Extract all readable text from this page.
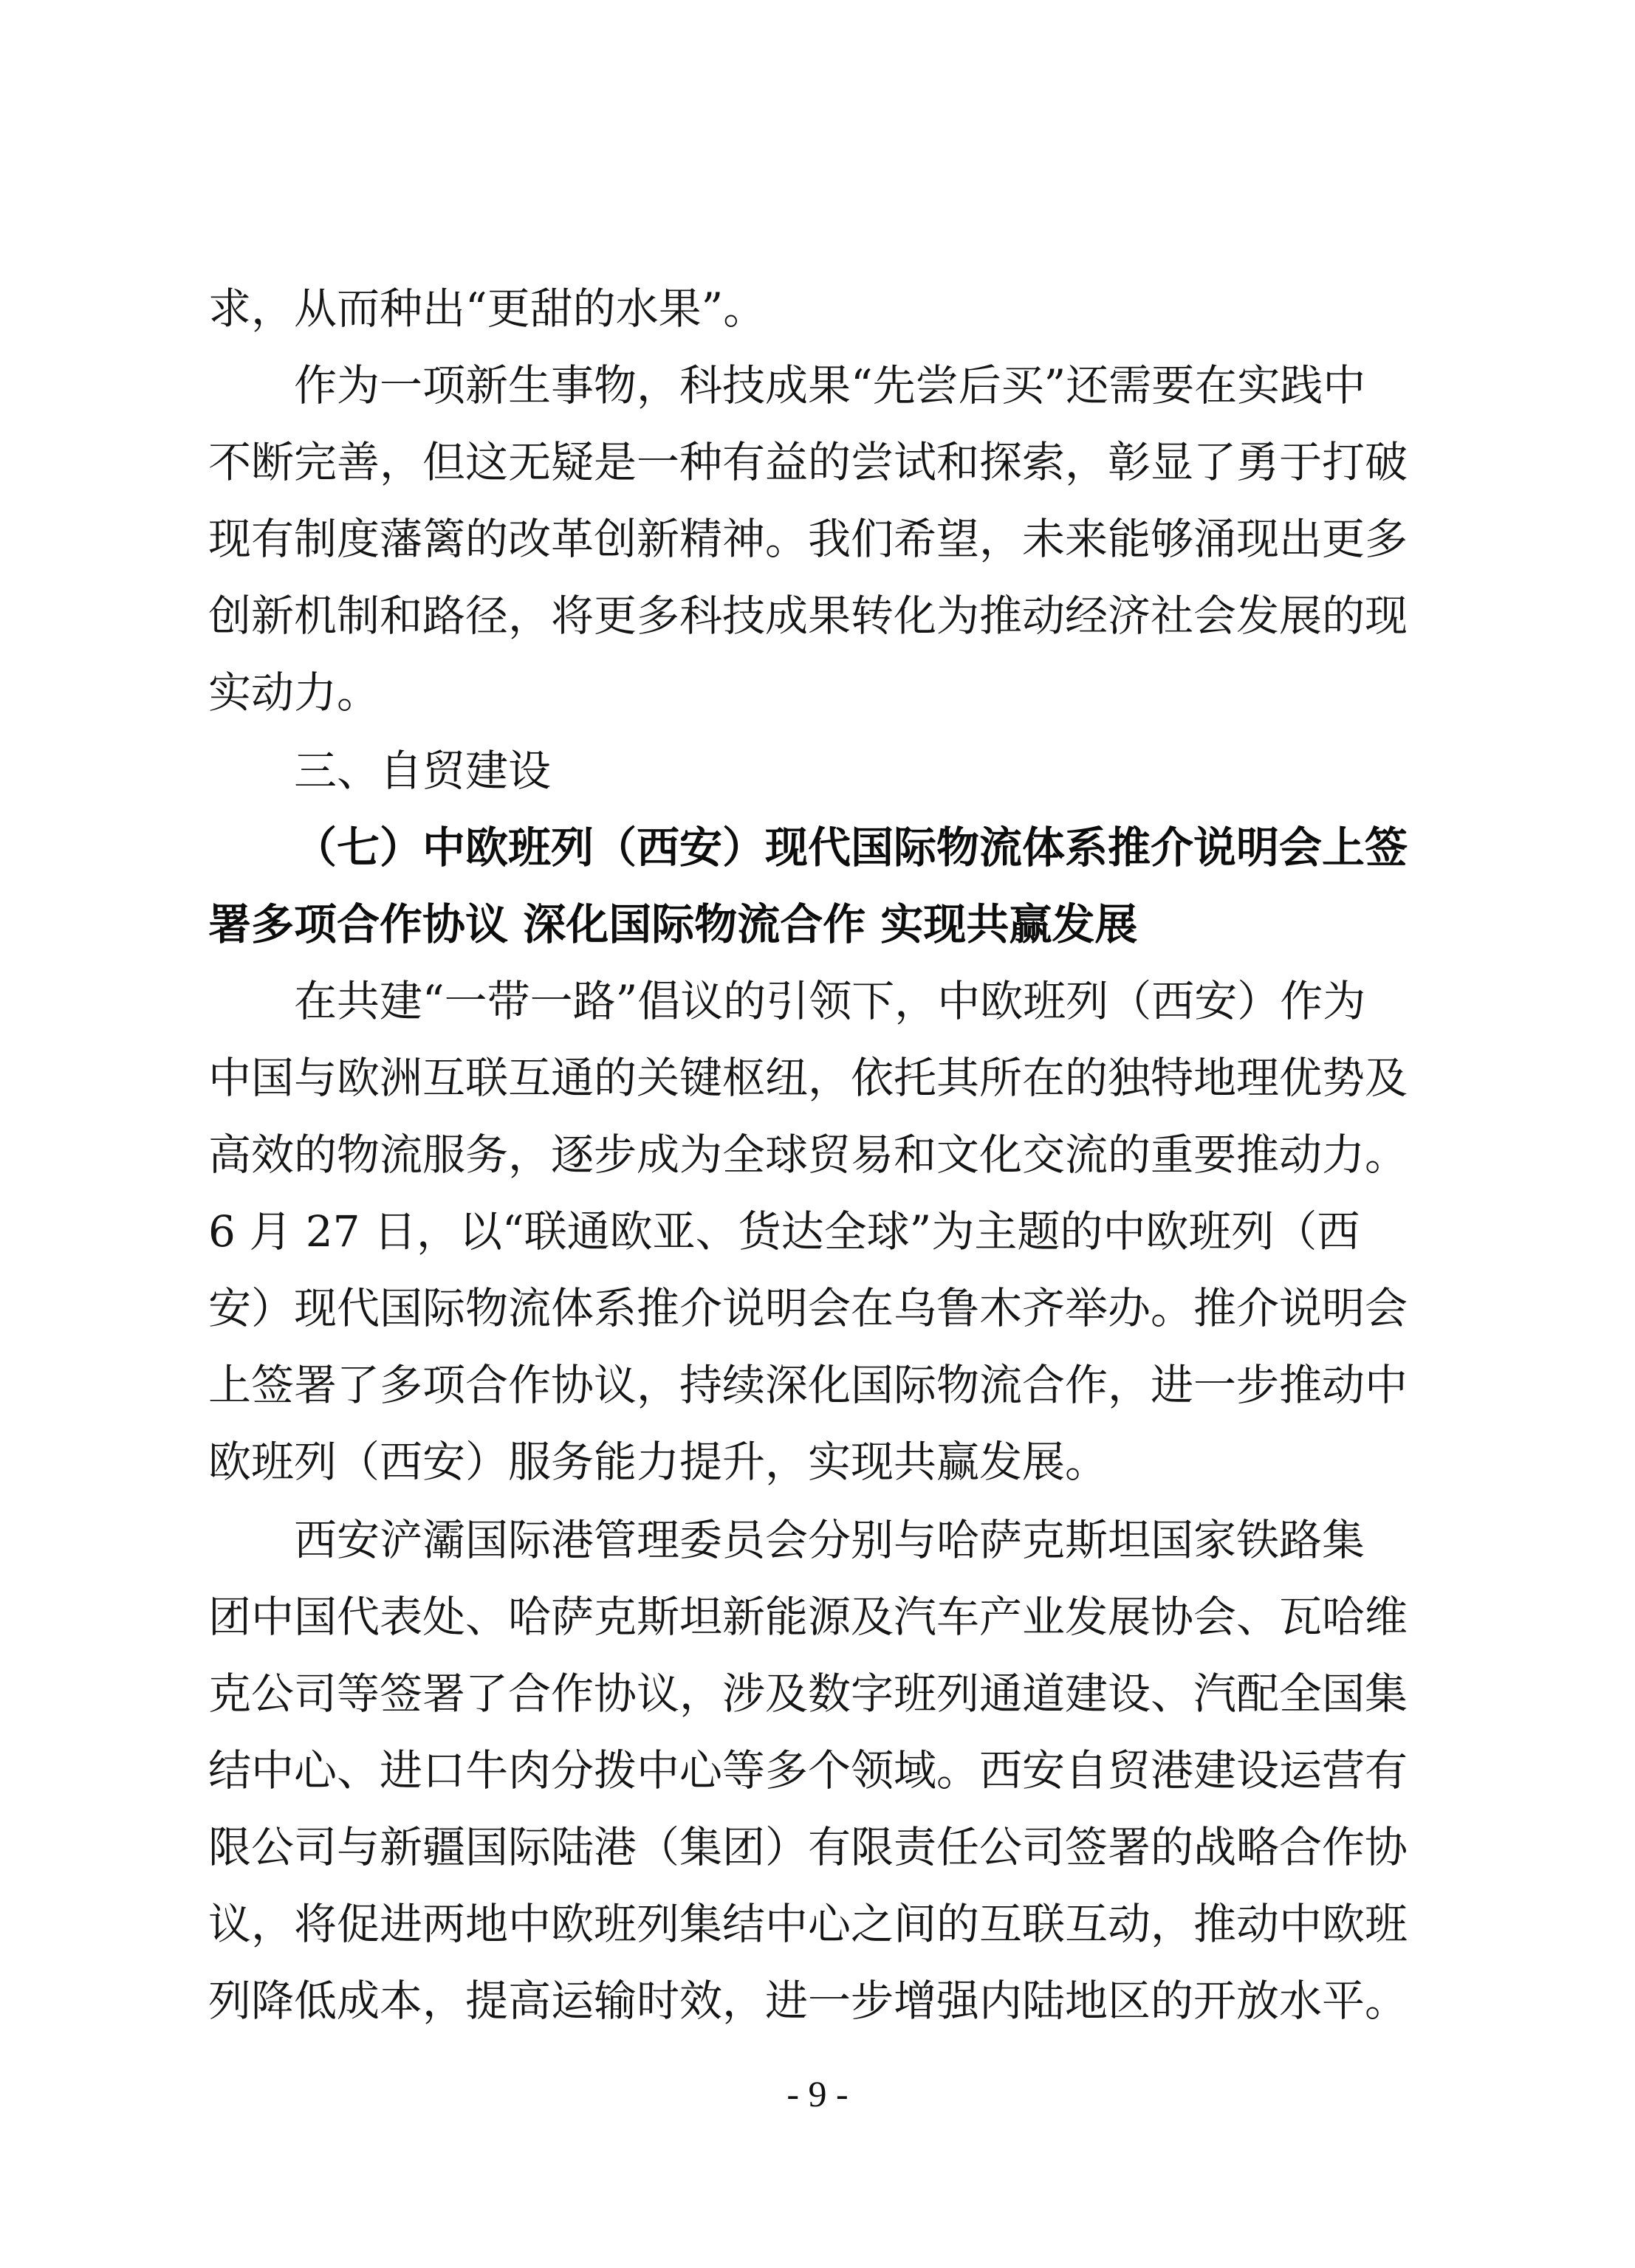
求，从而种出“更甜的水果”。

作为一项新生事物，科技成果“先尝后买”还需要在实践中

不断完善，但这无疑是一种有益的尝试和探索，彰显了勇于打破

现有制度藩篱的改革创新精神。我们希望，未来能够涌现出更多

创新机制和路径，将更多科技成果转化为推动经济社会发展的现

实动力。

三、自贸建设

（七）中欧班列（西安）现代国际物流体系推介说明会上签

署多项合作协议 深化国际物流合作 实现共赢发展

在共建“一带一路”倡议的引领下，中欧班列（西安）作为

中国与欧洲互联互通的关键枢纽，依托其所在的独特地理优势及

高效的物流服务，逐步成为全球贸易和文化交流的重要推动力。

6 月 27 日，以“联通欧亚、货达全球”为主题的中欧班列（西

安）现代国际物流体系推介说明会在乌鲁木齐举办。推介说明会

上签署了多项合作协议，持续深化国际物流合作，进一步推动中

欧班列（西安）服务能力提升，实现共赢发展。

西安浐灞国际港管理委员会分别与哈萨克斯坦国家铁路集

团中国代表处、哈萨克斯坦新能源及汽车产业发展协会、瓦哈维

克公司等签署了合作协议，涉及数字班列通道建设、汽配全国集

结中心、进口牛肉分拨中心等多个领域。西安自贸港建设运营有

限公司与新疆国际陆港（集团）有限责任公司签署的战略合作协

议，将促进两地中欧班列集结中心之间的互联互动，推动中欧班

列降低成本，提高运输时效，进一步增强内陆地区的开放水平。

- 9 -
